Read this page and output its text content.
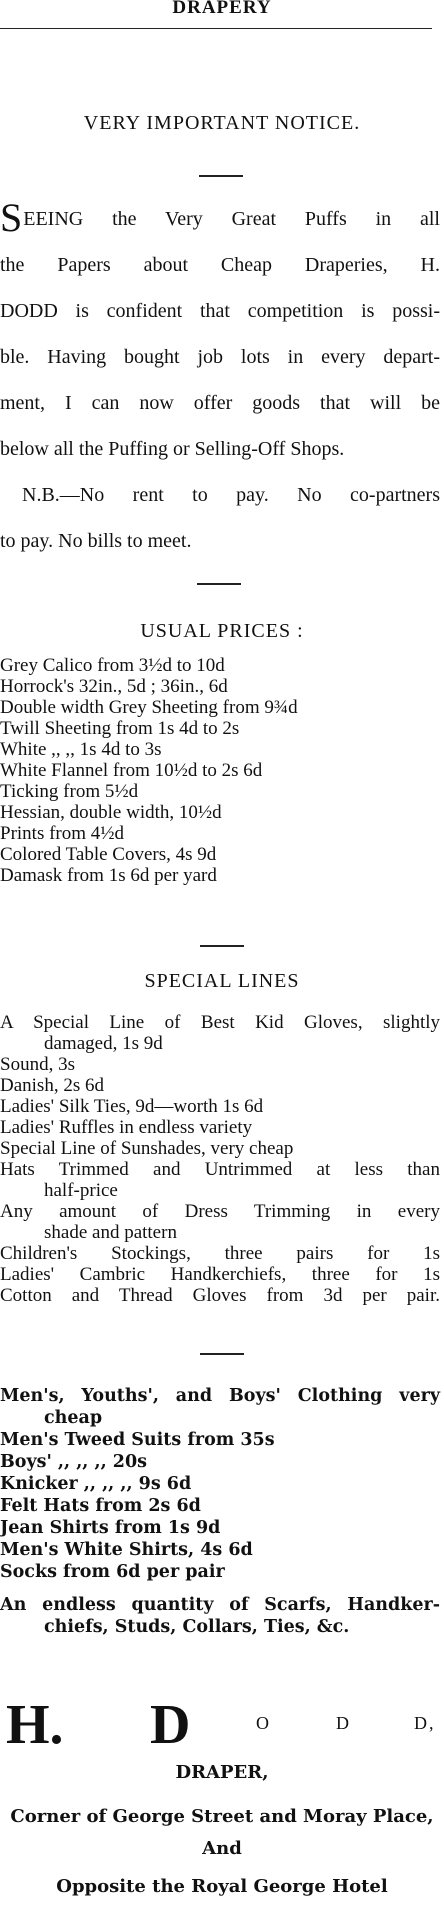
DRAPERY
VERY IMPORTANT NOTICE.
SEEING the Very Great Puffs in all
the Papers about Cheap Draperies, H.
DODD is confident that competition is possi-
ble. Having bought job lots in every depart-
ment, I can now offer goods that will be
below all the Puffing or Selling-Off Shops.
N.B.—No rent to pay. No co-partners
to pay. No bills to meet.
USUAL PRICES :
Grey Calico from 3½d to 10d
Horrock's 32in., 5d ; 36in., 6d
Double width Grey Sheeting from 9¾d
Twill Sheeting from 1s 4d to 2s
White ,, ,, 1s 4d to 3s
White Flannel from 10½d to 2s 6d
Ticking from 5½d
Hessian, double width, 10½d
Prints from 4½d
Colored Table Covers, 4s 9d
Damask from 1s 6d per yard
SPECIAL LINES
A Special Line of Best Kid Gloves, slightly
damaged, 1s 9d
Sound, 3s
Danish, 2s 6d
Ladies' Silk Ties, 9d—worth 1s 6d
Ladies' Ruffles in endless variety
Special Line of Sunshades, very cheap
Hats Trimmed and Untrimmed at less than
half-price
Any amount of Dress Trimming in every
shade and pattern
Children's Stockings, three pairs for 1s
Ladies' Cambric Handkerchiefs, three for 1s
Cotton and Thread Gloves from 3d per pair.
Men's, Youths', and Boys' Clothing very
cheap
Men's Tweed Suits from 35s
Boys' ,, ,, ,, 20s
Knicker ,, ,, ,, 9s 6d
Felt Hats from 2s 6d
Jean Shirts from 1s 9d
Men's White Shirts, 4s 6d
Socks from 6d per pair
An endless quantity of Scarfs, Handker-
chiefs, Studs, Collars, Ties, &c.
H. D	O	D	D,
DRAPER,
Corner of George Street and Moray Place,
And
Opposite the Royal George Hotel
